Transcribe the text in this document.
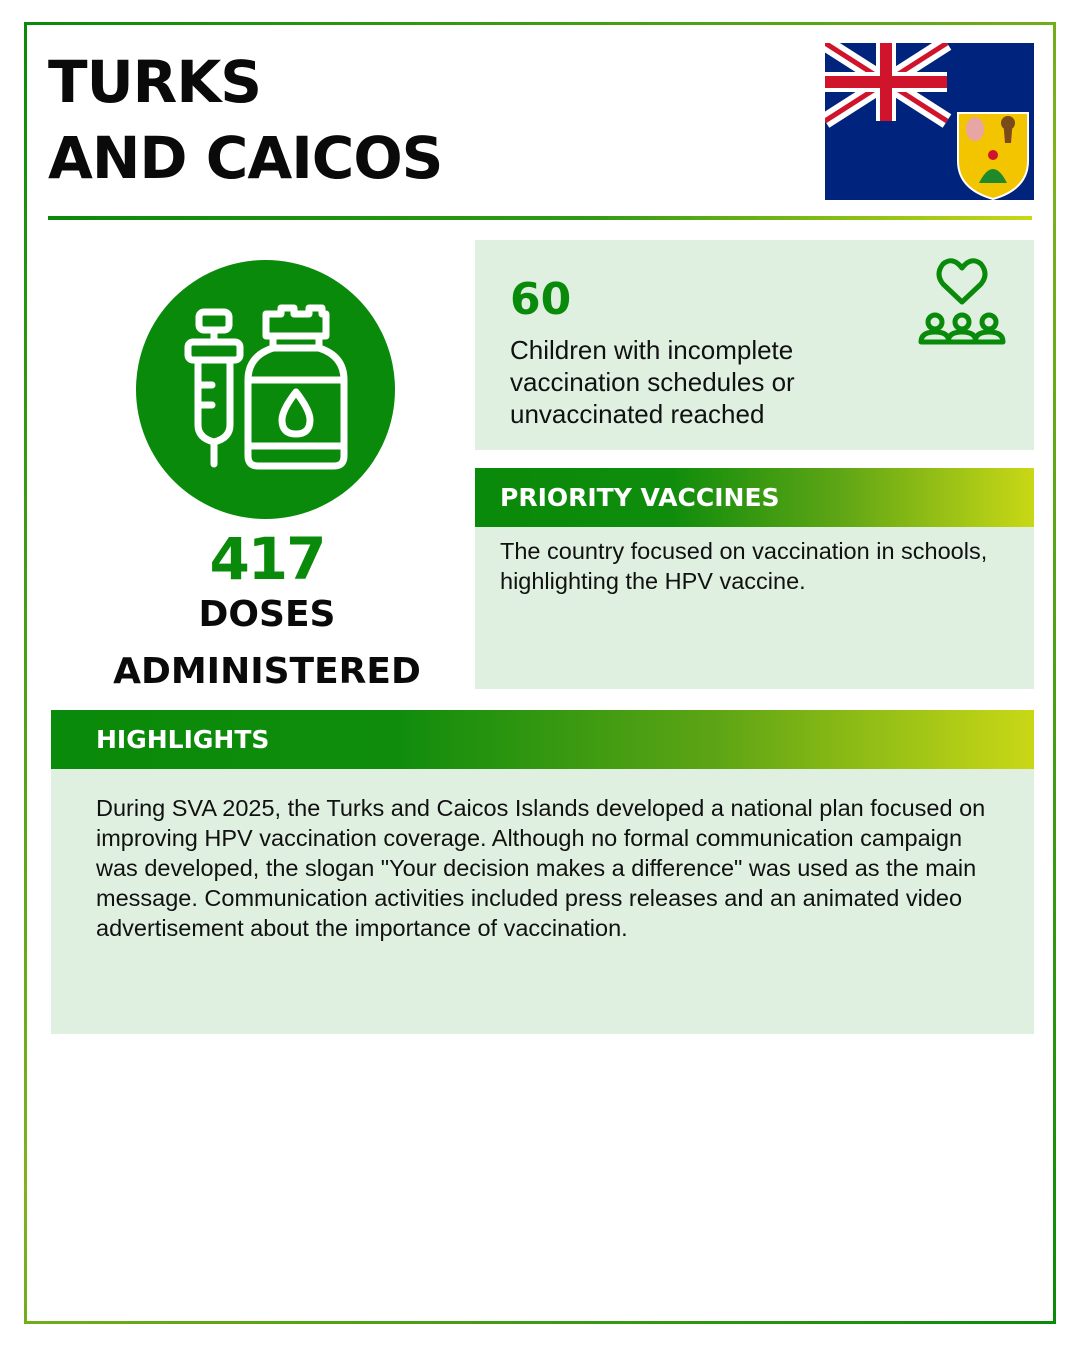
TURKS
AND CAICOS

417

DOSES
ADMINISTERED

60

Children with incomplete vaccination schedules or unvaccinated reached
PRIORITY VACCINES

The country focused on vaccination in schools, highlighting the HPV vaccine.

HIGHLIGHTS

During SVA 2025, the Turks and Caicos Islands developed a national plan focused on improving HPV vaccination coverage. Although no formal communication campaign was developed, the slogan "Your decision makes a difference" was used as the main message. Communication activities included press releases and an animated video advertisement about the importance of vaccination.
